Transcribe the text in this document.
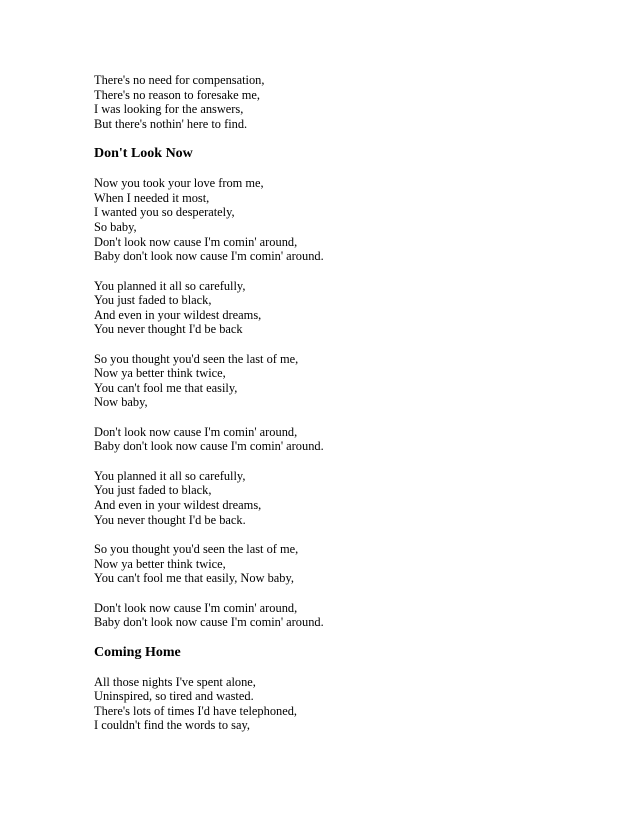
There's no need for compensation,
There's no reason to foresake me,
I was looking for the answers,
But there's nothin' here to find.
Don't Look Now
Now you took your love from me,
When I needed it most,
I wanted you so desperately,
So baby,
Don't look now cause I'm comin' around,
Baby don't look now cause I'm comin' around.
You planned it all so carefully,
You just faded to black,
And even in your wildest dreams,
You never thought I'd be back
So you thought you'd seen the last of me,
Now ya better think twice,
You can't fool me that easily,
Now baby,
Don't look now cause I'm comin' around,
Baby don't look now cause I'm comin' around.
You planned it all so carefully,
You just faded to black,
And even in your wildest dreams,
You never thought I'd be back.
So you thought you'd seen the last of me,
Now ya better think twice,
You can't fool me that easily, Now baby,
Don't look now cause I'm comin' around,
Baby don't look now cause I'm comin' around.
Coming Home
All those nights I've spent alone,
Uninspired, so tired and wasted.
There's lots of times I'd have telephoned,
I couldn't find the words to say,
